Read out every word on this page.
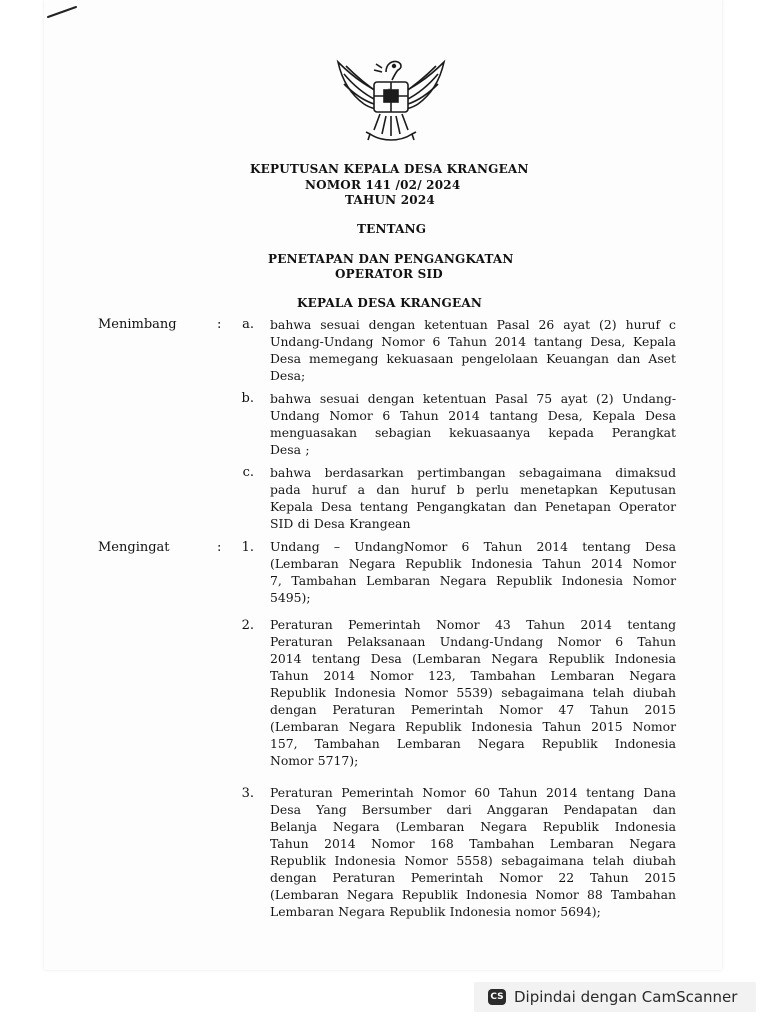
KEPUTUSAN KEPALA DESA KRANGEAN
NOMOR 141 /02/ 2024
TAHUN 2024
TENTANG
PENETAPAN DAN PENGANGKATAN
OPERATOR SID
KEPALA DESA KRANGEAN
Menimbang	:	a. bahwa sesuai dengan ketentuan Pasal 26 ayat (2) huruf c
Undang-Undang Nomor 6 Tahun 2014 tantang Desa, Kepala
Desa memegang kekuasaan pengelolaan Keuangan dan Aset
Desa;
b. bahwa sesuai dengan ketentuan Pasal 75 ayat (2) Undang-
Undang Nomor 6 Tahun 2014 tantang Desa, Kepala Desa
menguasakan sebagian kekuasaanya kepada Perangkat
Desa ;
c. bahwa berdasarkan pertimbangan sebagaimana dimaksud
pada huruf a dan huruf b perlu menetapkan Keputusan
Kepala Desa tentang Pengangkatan dan Penetapan Operator
SID di Desa Krangean
Mengingat	:	1. Undang – UndangNomor 6 Tahun 2014 tentang Desa
(Lembaran Negara Republik Indonesia Tahun 2014 Nomor
7, Tambahan Lembaran Negara Republik Indonesia Nomor
5495);
2. Peraturan Pemerintah Nomor 43 Tahun 2014 tentang
Peraturan Pelaksanaan Undang-Undang Nomor 6 Tahun
2014 tentang Desa (Lembaran Negara Republik Indonesia
Tahun 2014 Nomor 123, Tambahan Lembaran Negara
Republik Indonesia Nomor 5539) sebagaimana telah diubah
dengan Peraturan Pemerintah Nomor 47 Tahun 2015
(Lembaran Negara Republik Indonesia Tahun 2015 Nomor
157, Tambahan Lembaran Negara Republik Indonesia
Nomor 5717);
3. Peraturan Pemerintah Nomor 60 Tahun 2014 tentang Dana
Desa Yang Bersumber dari Anggaran Pendapatan dan
Belanja Negara (Lembaran Negara Republik Indonesia
Tahun 2014 Nomor 168 Tambahan Lembaran Negara
Republik Indonesia Nomor 5558) sebagaimana telah diubah
dengan Peraturan Pemerintah Nomor 22 Tahun 2015
(Lembaran Negara Republik Indonesia Nomor 88 Tambahan
Lembaran Negara Republik Indonesia nomor 5694);
CS Dipindai dengan CamScanner
